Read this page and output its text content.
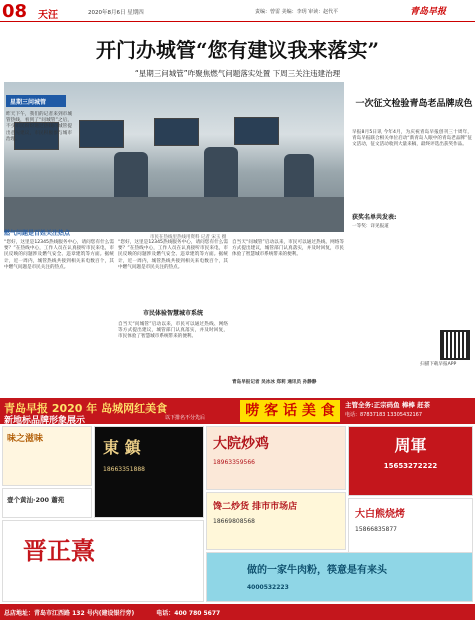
08 天汪	2020年8月6日 星期四	责编：曾雷 美编：李玥 审读：赵代平	青岛早报
开门办城管“您有建议我来落实”
“星期三问城管”咋聚焦燃气问题落实处置 下周三关注违建治理
星期三问城管
市民在热线里热线用资料 记者 宋玉 摄
一次征文检验青岛老品牌成色
早报8月5日讯 今年4月，为庆祝青岛早报创刊三十周年，青岛早报联合相关单位启动“新青岛人眼中的青岛老品牌”征文活动，征文活动收到大量来稿，最终评选出获奖作品。
获奖名单共发表:
一等奖：详见报道
扫描下载早报APP
昨天下午，我们的记者来到市城管热线，看到了“问城管”之后，不少市民纷纷通过热线向城管提出意见建议，市民积极参与城市治理。
燃气问题是百姓关注热点
“您好，这里是12345热线服务中心，请问您有什么需要？”在热线中心，工作人员在认真接听市民来电，市民反映的问题涉及燃气安全、违章建筑等方面。据统计，近一周内，城管热线共接到相关来电数百个，其中燃气问题是市民关注的热点。
“您好，这里是12345热线服务中心，请问您有什么需要？”在热线中心，工作人员在认真接听市民来电，市民反映的问题涉及燃气安全、违章建筑等方面。据统计，近一周内，城管热线共接到相关来电数百个，其中燃气问题是市民关注的热点。
市民体验智慧城市系统
自当天“问城管”启动以来，市民可以通过热线、网络等方式提出建议，城管部门认真落实，并及时回复，市民体验了智慧城市系统带来的便利。
自当天“问城管”启动以来，市民可以通过热线、网络等方式提出建议，城管部门认真落实，并及时回复，市民体验了智慧城市系统带来的便利。
青岛早报记者 吴冰冰 郑莉 通讯员 孙静静
青岛早报 2020 年 岛城网红美食
新地标品牌形象展示	以下排名不分先后	唠 客 话 美 食	主管全务:正宗码鱼 棒棒 赶茶
电话：87837183 13305432167
味之滋味	東 鎮
18663351888
大院炒鸡
18963359566
周軍
15653272222
壹个黄汕·200 蕭苑
馋二炒货 排市市场店
18669808568
大白熊烧烤
15866835877
晋正熹
做的一家牛肉粉，筷意是有来头
4000532223
总店地址：青岛市江西路 132 号内(建设银行旁)	电话：400 780 5677
